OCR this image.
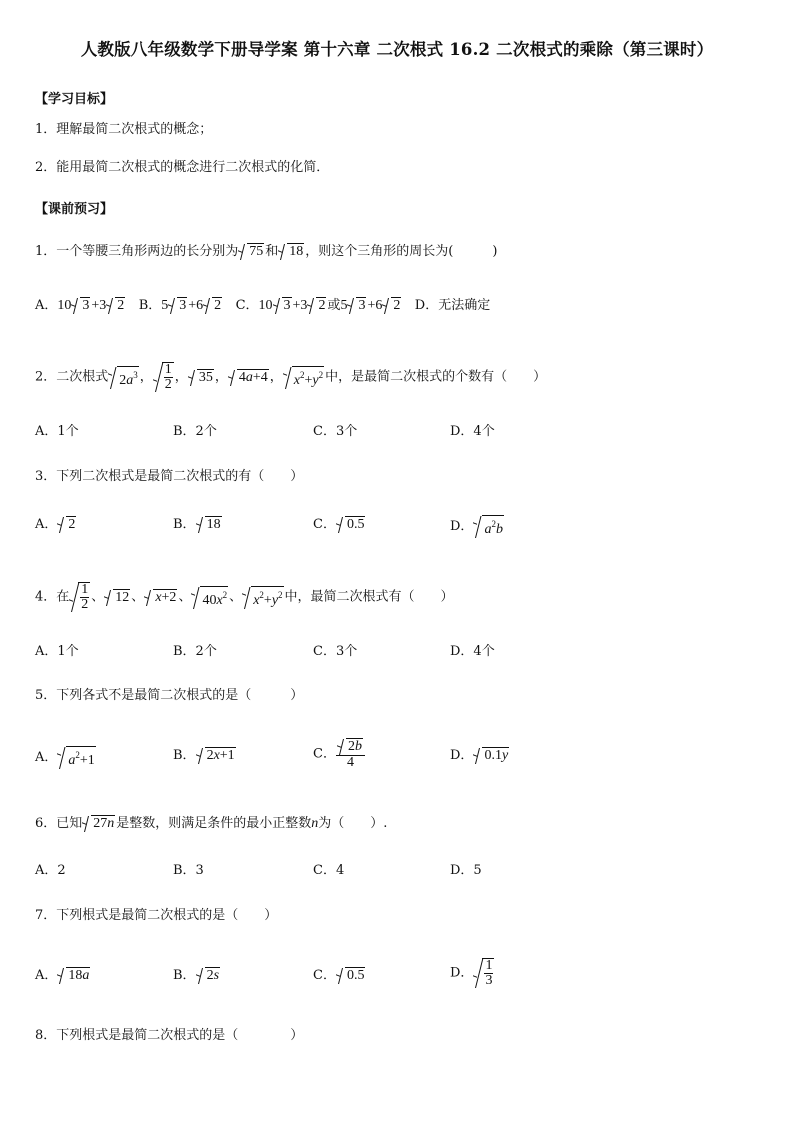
人教版八年级数学下册导学案 第十六章 二次根式 16.2 二次根式的乘除（第三课时）
【学习目标】
1．理解最简二次根式的概念；
2．能用最简二次根式的概念进行二次根式的化简．
【课前预习】
1．一个等腰三角形两边的长分别为 75 和 18 ，则这个三角形的周长为(　　　)
A．10 3 +3 2 B．5 3 +6 2 C．10 3 +3 2 或5 3 +6 2 D．无法确定
2．二次根式 $2a^3$ ， $\frac{1}{2}$ ， 35 ， 4a+4 ， $x^2+y^2$ 中，是最简二次根式的个数有（　　）
A．1个	B．2个	C．3个	D．4个
3．下列二次根式是最简二次根式的有（　　）
A． 2	B． 18	C． 0.5	D． $a^2b$
4．在 $\frac{1}{2}$ 、 12 、 x+2 、 $40x^2$ 、 $x^2+y^2$ 中，最简二次根式有（　　）
A．1个	B．2个	C．3个	D．4个
5．下列各式不是最简二次根式的是（　　　）
A． $a^2+1$	B． 2x+1	C． $\frac{2b}{4}$	D． 0.1y
6．已知 27n 是整数，则满足条件的最小正整数n为（　　）.
A．2	B．3	C．4	D．5
7．下列根式是最简二次根式的是（　　）
A． 18a	B． 2s	C． 0.5	D． $\frac{1}{3}$
8．下列根式是最简二次根式的是（　　　　）
